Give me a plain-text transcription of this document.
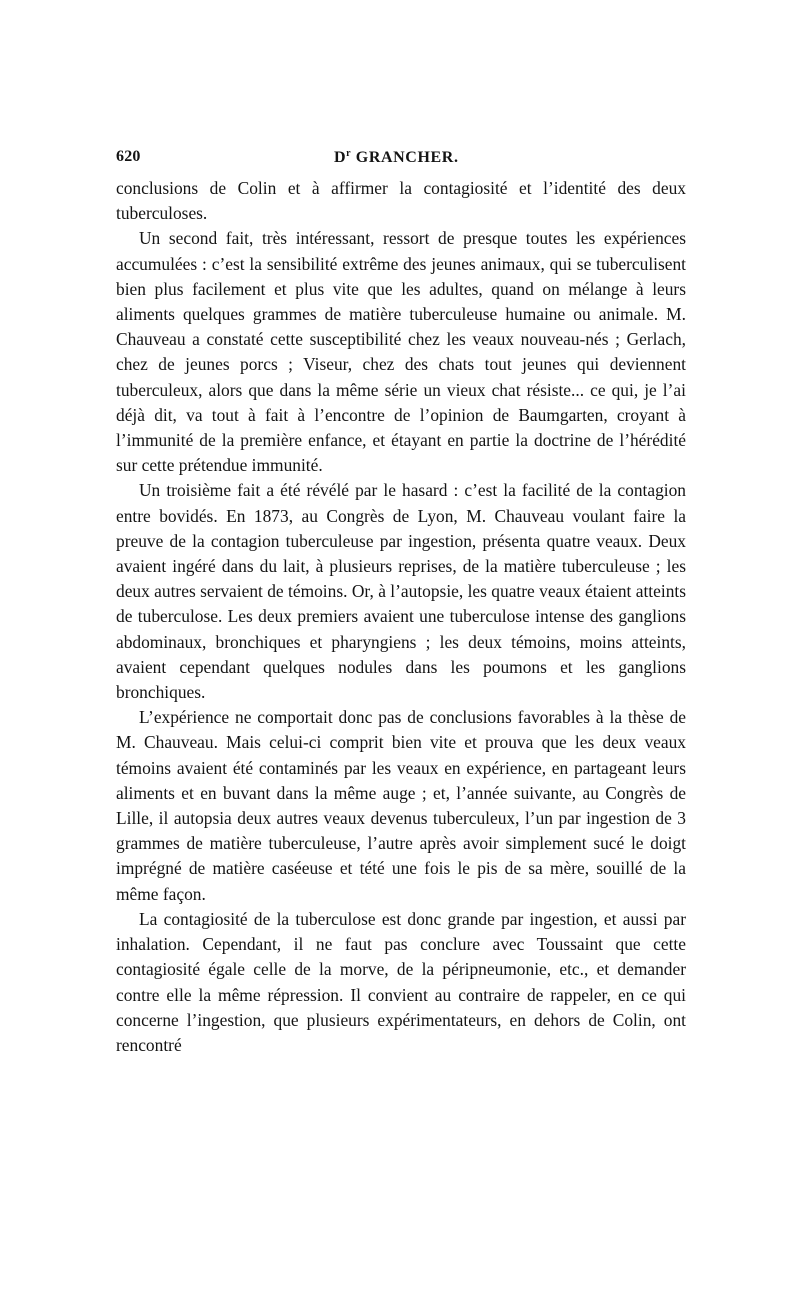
620	$D^r$ GRANCHER.

conclusions de Colin et à affirmer la contagiosité et l’identité des deux tuberculoses.

Un second fait, très intéressant, ressort de presque toutes les expériences accumulées : c’est la sensibilité extrême des jeunes animaux, qui se tuberculisent bien plus facilement et plus vite que les adultes, quand on mélange à leurs aliments quelques grammes de matière tuberculeuse humaine ou animale. M. Chauveau a constaté cette susceptibilité chez les veaux nouveau-nés ; Gerlach, chez de jeunes porcs ; Viseur, chez des chats tout jeunes qui deviennent tuberculeux, alors que dans la même série un vieux chat résiste... ce qui, je l’ai déjà dit, va tout à fait à l’encontre de l’opinion de Baumgarten, croyant à l’immunité de la première enfance, et étayant en partie la doctrine de l’hérédité sur cette prétendue immunité.

Un troisième fait a été révélé par le hasard : c’est la facilité de la contagion entre bovidés. En 1873, au Congrès de Lyon, M. Chauveau voulant faire la preuve de la contagion tuberculeuse par ingestion, présenta quatre veaux. Deux avaient ingéré dans du lait, à plusieurs reprises, de la matière tuberculeuse ; les deux autres servaient de témoins. Or, à l’autopsie, les quatre veaux étaient atteints de tuberculose. Les deux premiers avaient une tuberculose intense des ganglions abdominaux, bronchiques et pharyngiens ; les deux témoins, moins atteints, avaient cependant quelques nodules dans les poumons et les ganglions bronchiques.

L’expérience ne comportait donc pas de conclusions favorables à la thèse de M. Chauveau. Mais celui-ci comprit bien vite et prouva que les deux veaux témoins avaient été contaminés par les veaux en expérience, en partageant leurs aliments et en buvant dans la même auge ; et, l’année suivante, au Congrès de Lille, il autopsia deux autres veaux devenus tuberculeux, l’un par ingestion de 3 grammes de matière tuberculeuse, l’autre après avoir simplement sucé le doigt imprégné de matière caséeuse et tété une fois le pis de sa mère, souillé de la même façon.

La contagiosité de la tuberculose est donc grande par ingestion, et aussi par inhalation. Cependant, il ne faut pas conclure avec Toussaint que cette contagiosité égale celle de la morve, de la péripneumonie, etc., et demander contre elle la même répression. Il convient au contraire de rappeler, en ce qui concerne l’ingestion, que plusieurs expérimentateurs, en dehors de Colin, ont rencontré
